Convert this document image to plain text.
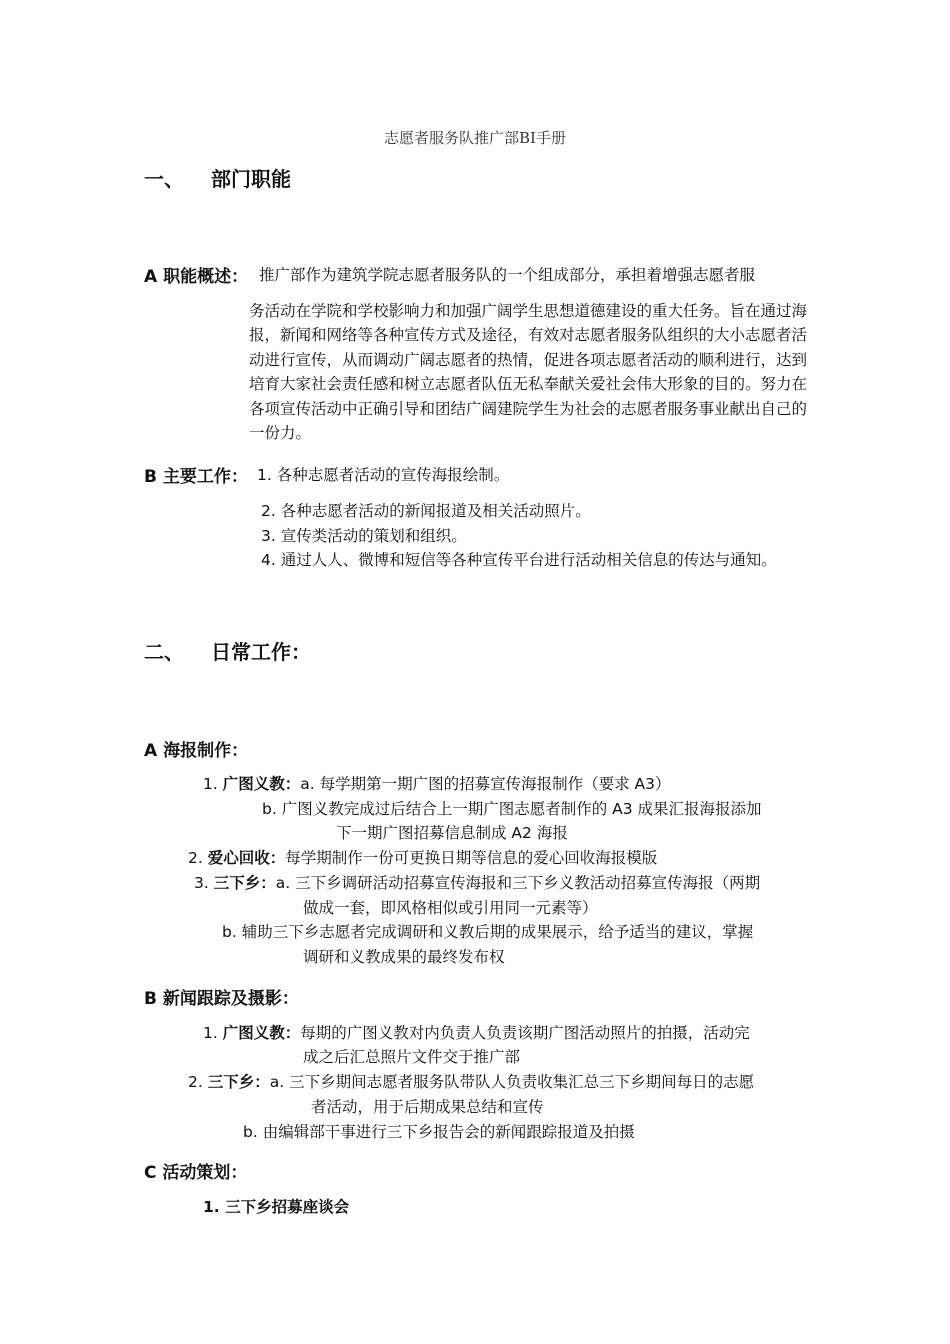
志愿者服务队推广部BI手册
一、 部门职能
A 职能概述： 推广部作为建筑学院志愿者服务队的一个组成部分，承担着增强志愿者服
务活动在学院和学校影响力和加强广阔学生思想道德建设的重大任务。旨在通过海报，新闻和网络等各种宣传方式及途径，有效对志愿者服务队组织的大小志愿者活动进行宣传，从而调动广阔志愿者的热情，促进各项志愿者活动的顺利进行，达到培育大家社会责任感和树立志愿者队伍无私奉献关爱社会伟大形象的目的。努力在各项宣传活动中正确引导和团结广阔建院学生为社会的志愿者服务事业献出自己的一份力。
B 主要工作： 1. 各种志愿者活动的宣传海报绘制。
2. 各种志愿者活动的新闻报道及相关活动照片。
3. 宣传类活动的策划和组织。
4. 通过人人、微博和短信等各种宣传平台进行活动相关信息的传达与通知。
二、 日常工作：
A 海报制作：
1. 广图义教：a. 每学期第一期广图的招募宣传海报制作（要求 A3）
b. 广图义教完成过后结合上一期广图志愿者制作的 A3 成果汇报海报添加
下一期广图招募信息制成 A2 海报
2. 爱心回收：每学期制作一份可更换日期等信息的爱心回收海报模版
3. 三下乡：a. 三下乡调研活动招募宣传海报和三下乡义教活动招募宣传海报（两期
做成一套，即风格相似或引用同一元素等）
b. 辅助三下乡志愿者完成调研和义教后期的成果展示，给予适当的建议，掌握
调研和义教成果的最终发布权
B 新闻跟踪及摄影：
1. 广图义教：每期的广图义教对内负责人负责该期广图活动照片的拍摄，活动完
成之后汇总照片文件交于推广部
2. 三下乡：a. 三下乡期间志愿者服务队带队人负责收集汇总三下乡期间每日的志愿
者活动，用于后期成果总结和宣传
b. 由编辑部干事进行三下乡报告会的新闻跟踪报道及拍摄
C 活动策划：
1. 三下乡招募座谈会
